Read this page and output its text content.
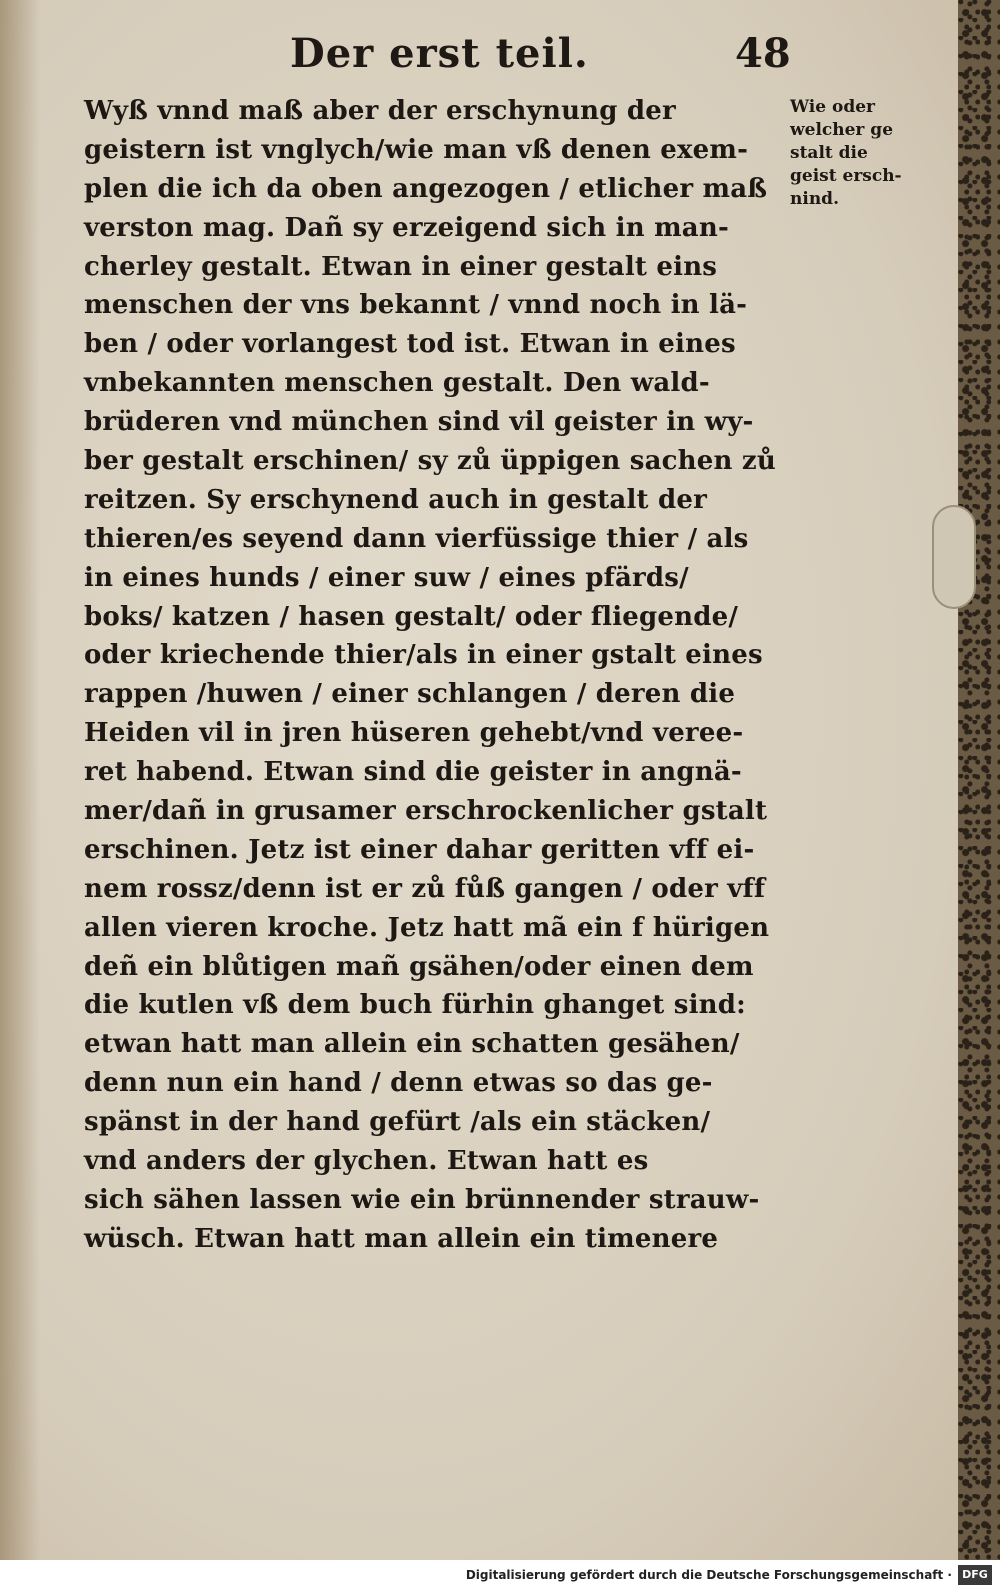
Der erst teil.	48
Wyß vnnd maß aber der erschynung der
geistern ist vnglych/wie man vß denen exem-
plen die ich da oben angezogen / etlicher maß
verston mag. Dañ sy erzeigend sich in man-
cherley gestalt. Etwan in einer gestalt eins
menschen der vns bekannt / vnnd noch in lä-
ben / oder vorlangest tod ist. Etwan in eines
vnbekannten menschen gestalt. Den wald-
brüderen vnd münchen sind vil geister in wy-
ber gestalt erschinen/ sy zů üppigen sachen zů
reitzen. Sy erschynend auch in gestalt der
thieren/es seyend dann vierfüssige thier / als
in eines hunds / einer suw / eines pfärds/
boks/ katzen / hasen gestalt/ oder fliegende/
oder kriechende thier/als in einer gstalt eines
rappen /huwen / einer schlangen / deren die
Heiden vil in jren hüseren gehebt/vnd veree-
ret habend. Etwan sind die geister in angnä-
mer/dañ in grusamer erschrockenlicher gstalt
erschinen. Jetz ist einer dahar geritten vff ei-
nem rossz/denn ist er zů fůß gangen / oder vff
allen vieren kroche. Jetz hatt mã ein f hürigen
deñ ein blůtigen mañ gsähen/oder einen dem
die kutlen vß dem buch fürhin ghanget sind:
etwan hatt man allein ein schatten gesähen/
denn nun ein hand / denn etwas so das ge-
spänst in der hand gefürt /als ein stäcken/
vnd anders der glychen. Etwan hatt es
sich sähen lassen wie ein brünnender strauw-
wüsch. Etwan hatt man allein ein timenere
Wie oder
welcher ge
stalt die
geist ersch-
nind.
Digitalisierung gefördert durch die Deutsche Forschungsgemeinschaft · DFG
